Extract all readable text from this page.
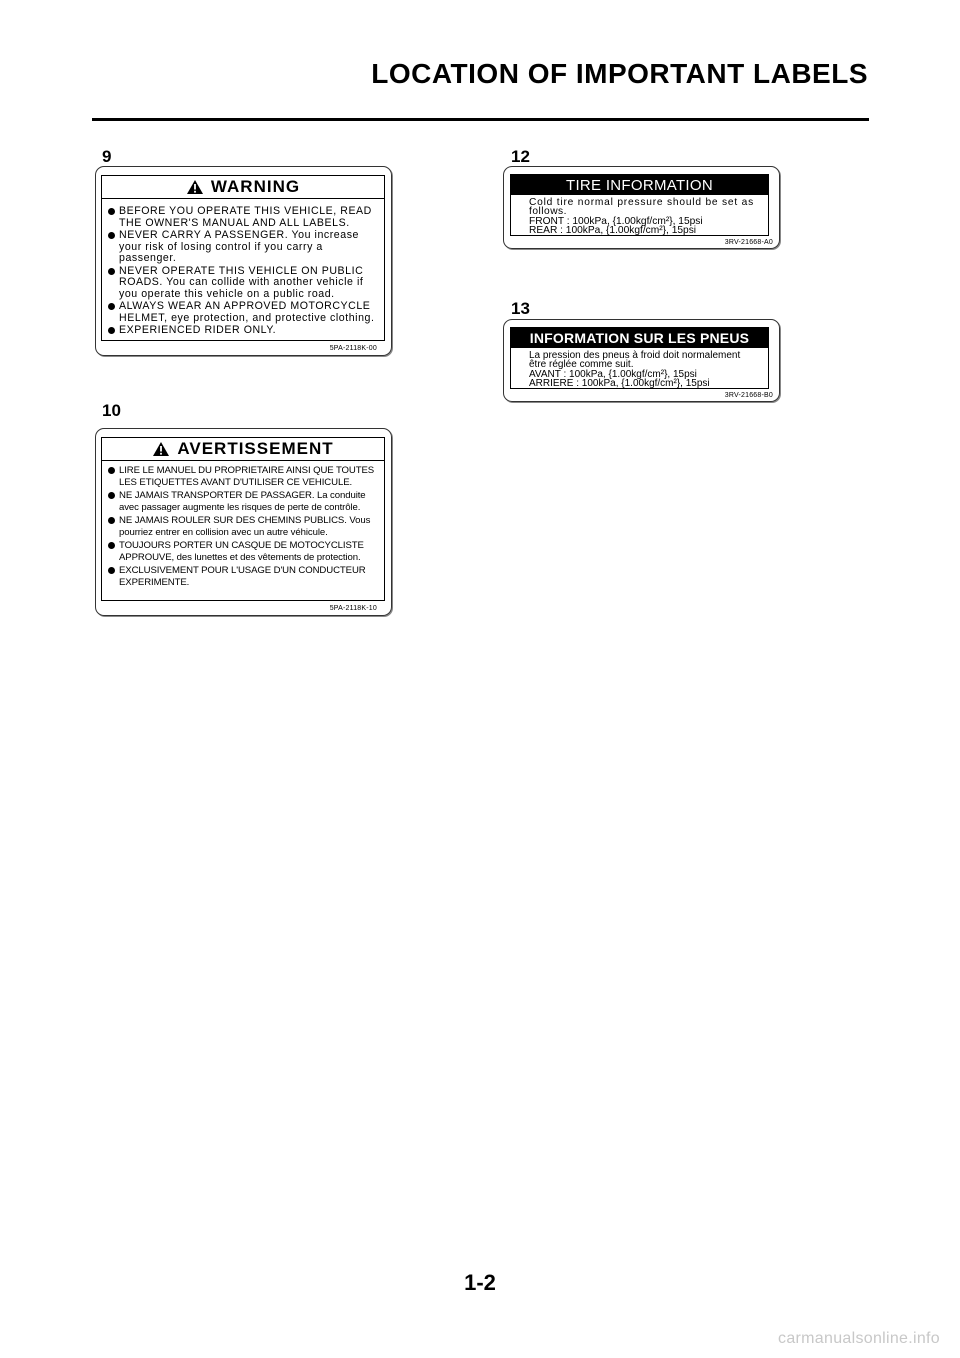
LOCATION OF IMPORTANT LABELS
9
WARNING
BEFORE YOU OPERATE THIS VEHICLE, READ THE OWNER'S MANUAL AND ALL LABELS.
NEVER CARRY A PASSENGER. You increase your risk of losing control if you carry a passenger.
NEVER OPERATE THIS VEHICLE ON PUBLIC ROADS. You can collide with another vehicle if you operate this vehicle on a public road.
ALWAYS WEAR AN APPROVED MOTORCYCLE HELMET, eye protection, and protective clothing.
EXPERIENCED RIDER ONLY.
5PA-2118K-00
10
AVERTISSEMENT
LIRE LE MANUEL DU PROPRIETAIRE AINSI QUE TOUTES LES ETIQUETTES AVANT D'UTILISER CE VEHICULE.
NE JAMAIS TRANSPORTER DE PASSAGER. La conduite avec passager augmente les risques de perte de contrôle.
NE JAMAIS ROULER SUR DES CHEMINS PUBLICS. Vous pourriez entrer en collision avec un autre véhicule.
TOUJOURS PORTER UN CASQUE DE MOTOCYCLISTE APPROUVE, des lunettes et des vêtements de protection.
EXCLUSIVEMENT POUR L'USAGE D'UN CONDUCTEUR EXPERIMENTE.
5PA-2118K-10
12
TIRE INFORMATION
Cold tire normal pressure should be set as
follows.
FRONT : 100kPa, {1.00kgf/cm²}, 15psi
REAR : 100kPa, {1.00kgf/cm²}, 15psi
3RV-21668-A0
13
INFORMATION SUR LES PNEUS
La pression des pneus à froid doit normalement
être réglée comme suit.
AVANT : 100kPa, {1.00kgf/cm²}, 15psi
ARRIERE : 100kPa, {1.00kgf/cm²}, 15psi
3RV-21668-B0
1-2
carmanualsonline.info
